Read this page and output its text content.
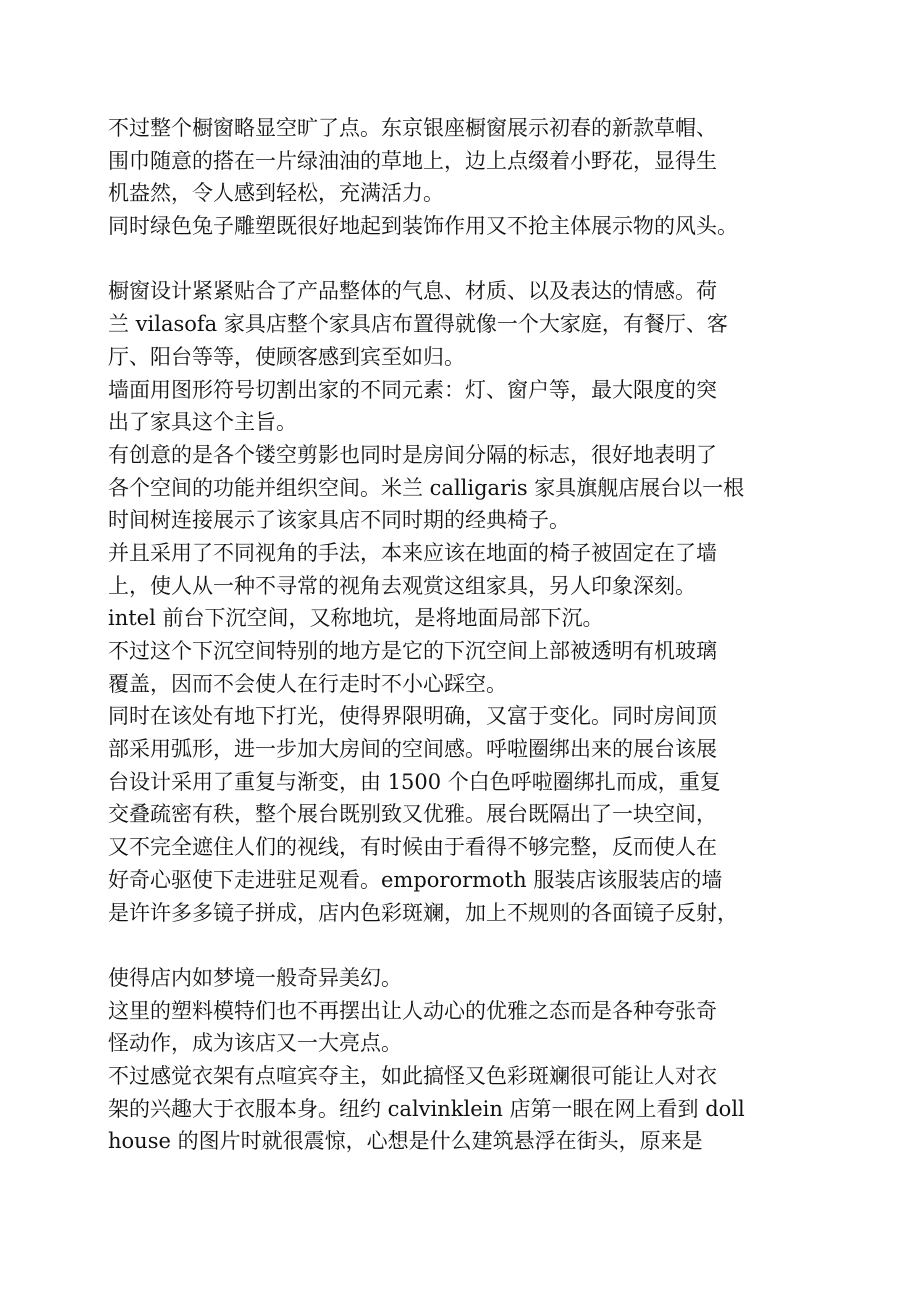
不过整个橱窗略显空旷了点。东京银座橱窗展示初春的新款草帽、
围巾随意的搭在一片绿油油的草地上，边上点缀着小野花，显得生
机盎然，令人感到轻松，充满活力。
同时绿色兔子雕塑既很好地起到装饰作用又不抢主体展示物的风头。
橱窗设计紧紧贴合了产品整体的气息、材质、以及表达的情感。荷
兰 vilasofa 家具店整个家具店布置得就像一个大家庭，有餐厅、客
厅、阳台等等，使顾客感到宾至如归。
墙面用图形符号切割出家的不同元素：灯、窗户等，最大限度的突
出了家具这个主旨。
有创意的是各个镂空剪影也同时是房间分隔的标志，很好地表明了
各个空间的功能并组织空间。米兰 calligaris 家具旗舰店展台以一根
时间树连接展示了该家具店不同时期的经典椅子。
并且采用了不同视角的手法，本来应该在地面的椅子被固定在了墙
上，使人从一种不寻常的视角去观赏这组家具，另人印象深刻。
intel 前台下沉空间，又称地坑，是将地面局部下沉。
不过这个下沉空间特别的地方是它的下沉空间上部被透明有机玻璃
覆盖，因而不会使人在行走时不小心踩空。
同时在该处有地下打光，使得界限明确，又富于变化。同时房间顶
部采用弧形，进一步加大房间的空间感。呼啦圈绑出来的展台该展
台设计采用了重复与渐变，由 1500 个白色呼啦圈绑扎而成，重复
交叠疏密有秩，整个展台既别致又优雅。展台既隔出了一块空间，
又不完全遮住人们的视线，有时候由于看得不够完整，反而使人在
好奇心驱使下走进驻足观看。emporormoth 服装店该服装店的墙
是许许多多镜子拼成，店内色彩斑斓，加上不规则的各面镜子反射，
使得店内如梦境一般奇异美幻。
这里的塑料模特们也不再摆出让人动心的优雅之态而是各种夸张奇
怪动作，成为该店又一大亮点。
不过感觉衣架有点喧宾夺主，如此搞怪又色彩斑斓很可能让人对衣
架的兴趣大于衣服本身。纽约 calvinklein 店第一眼在网上看到 doll
house 的图片时就很震惊，心想是什么建筑悬浮在街头，原来是
